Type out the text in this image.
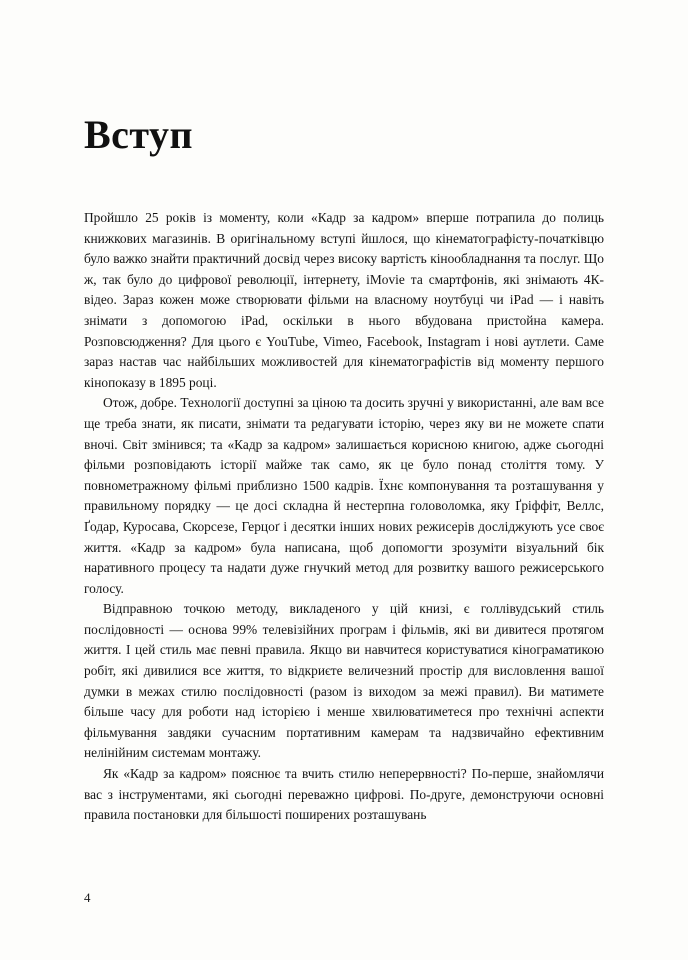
Вступ

Пройшло 25 років із моменту, коли «Кадр за кадром» вперше потрапила до полиць книжкових магазинів. В оригінальному вступі йшлося, що кінематографісту-початківцю було важко знайти практичний досвід через високу вартість кінообладнання та послуг. Що ж, так було до цифрової революції, інтернету, iMovie та смартфонів, які знімають 4К-відео. Зараз кожен може створювати фільми на власному ноутбуці чи iPad — і навіть знімати з допомогою iPad, оскільки в нього вбудована пристойна камера. Розповсюдження? Для цього є YouTube, Vimeo, Facebook, Instagram і нові аутлети. Саме зараз настав час найбільших можливостей для кінематографістів від моменту першого кінопоказу в 1895 році.

Отож, добре. Технології доступні за ціною та досить зручні у використанні, але вам все ще треба знати, як писати, знімати та редагувати історію, через яку ви не можете спати вночі. Світ змінився; та «Кадр за кадром» залишається корисною книгою, адже сьогодні фільми розповідають історії майже так само, як це було понад століття тому. У повнометражному фільмі приблизно 1500 кадрів. Їхнє компонування та розташування у правильному порядку — це досі складна й нестерпна головоломка, яку Ґріффіт, Веллс, Ґодар, Куросава, Скорсезе, Герцоґ і десятки інших нових режисерів досліджують усе своє життя. «Кадр за кадром» була написана, щоб допомогти зрозуміти візуальний бік наративного процесу та надати дуже гнучкий метод для розвитку вашого режисерського голосу.

Відправною точкою методу, викладеного у цій книзі, є голлівудський стиль послідовності — основа 99% телевізійних програм і фільмів, які ви дивитеся протягом життя. І цей стиль має певні правила. Якщо ви навчитеся користуватися кінограматикою робіт, які дивилися все життя, то відкриєте величезний простір для висловлення вашої думки в межах стилю послідовності (разом із виходом за межі правил). Ви матимете більше часу для роботи над історією і менше хвилюватиметеся про технічні аспекти фільмування завдяки сучасним портативним камерам та надзвичайно ефективним нелінійним системам монтажу.

Як «Кадр за кадром» пояснює та вчить стилю неперервності? По-перше, знайомлячи вас з інструментами, які сьогодні переважно цифрові. По-друге, демонструючи основні правила постановки для більшості поширених розташувань

4
